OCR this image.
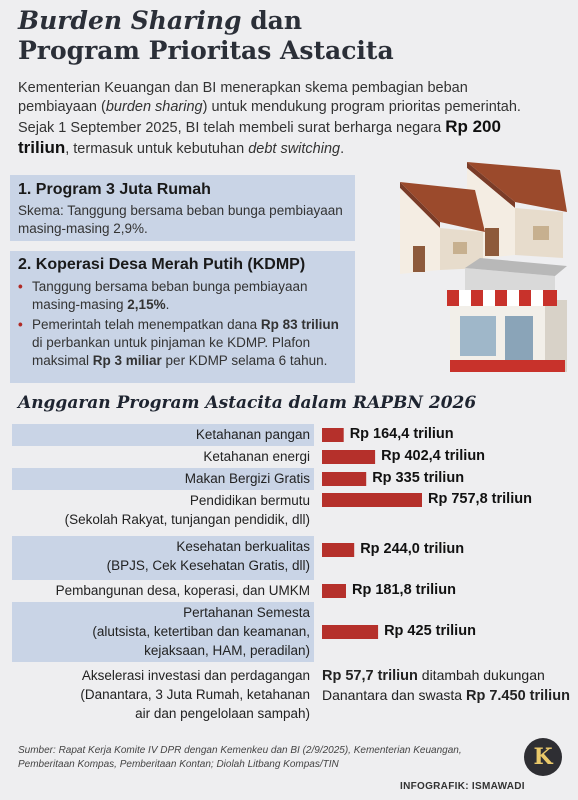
Burden Sharing dan
Program Prioritas Astacita
Kementerian Keuangan dan BI menerapkan skema pembagian beban pembiayaan (burden sharing) untuk mendukung program prioritas pemerintah. Sejak 1 September 2025, BI telah membeli surat berharga negara Rp 200 triliun, termasuk untuk kebutuhan debt switching.
1. Program 3 Juta Rumah
Skema: Tanggung bersama beban bunga pembiayaan masing-masing 2,9%.
2. Koperasi Desa Merah Putih (KDMP)
• Tanggung bersama beban bunga pembiayaan masing-masing 2,15%.
• Pemerintah telah menempatkan dana Rp 83 triliun di perbankan untuk pinjaman ke KDMP. Plafon maksimal Rp 3 miliar per KDMP selama 6 tahun.
Anggaran Program Astacita dalam RAPBN 2026
Ketahanan pangan	Rp 164,4 triliun
Ketahanan energi	Rp 402,4 triliun
Makan Bergizi Gratis	Rp 335 triliun
Pendidikan bermutu
(Sekolah Rakyat, tunjangan pendidik, dll)
Rp 757,8 triliun
Kesehatan berkualitas
(BPJS, Cek Kesehatan Gratis, dll)
Rp 244,0 triliun
Pembangunan desa, koperasi, dan UMKM	Rp 181,8 triliun
Pertahanan Semesta
(alutsista, ketertiban dan keamanan,
kejaksaan, HAM, peradilan)
Rp 425 triliun
Akselerasi investasi dan perdagangan
(Danantara, 3 Juta Rumah, ketahanan
air dan pengelolaan sampah)
Rp 57,7 triliun ditambah dukungan Danantara dan swasta Rp 7.450 triliun
Sumber: Rapat Kerja Komite IV DPR dengan Kemenkeu dan BI (2/9/2025), Kementerian Keuangan,
Pemberitaan Kompas, Pemberitaan Kontan; Diolah Litbang Kompas/TIN	K
INFOGRAFIK: ISMAWADI
